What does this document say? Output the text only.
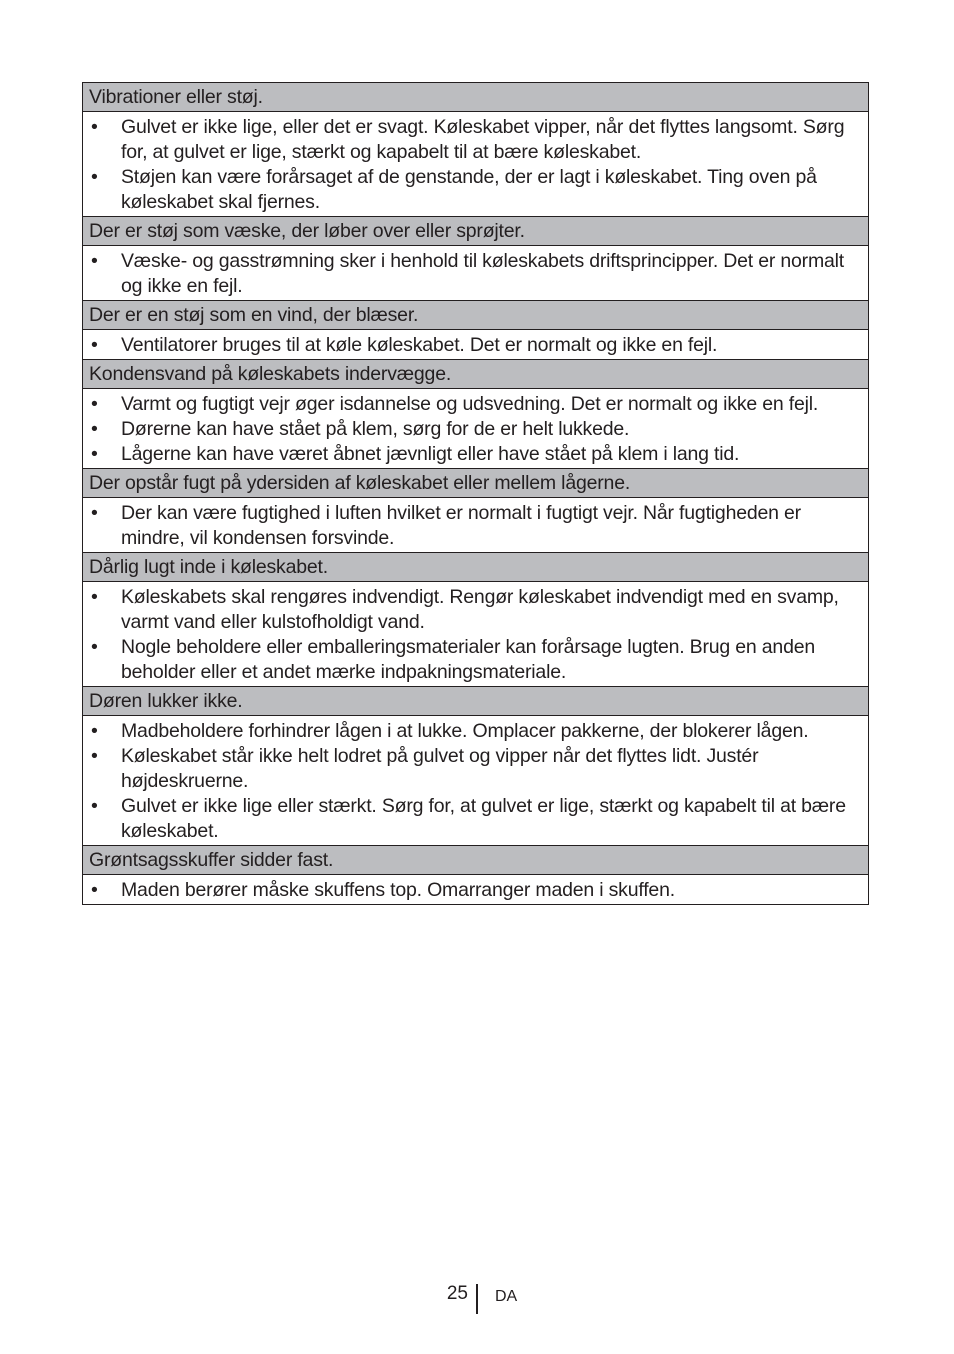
Vibrationer eller støj.
•	Gulvet er ikke lige, eller det er svagt. Køleskabet vipper, når det flyttes langsomt. Sørg for, at gulvet er lige, stærkt og kapabelt til at bære køleskabet.
•	Støjen kan være forårsaget af de genstande, der er lagt i køleskabet. Ting oven på køleskabet skal fjernes.
Der er støj som væske, der løber over eller sprøjter.
•	Væske- og gasstrømning sker i henhold til køleskabets driftsprincipper. Det er normalt og ikke en fejl.
Der er en støj som en vind, der blæser.
•	Ventilatorer bruges til at køle køleskabet. Det er normalt og ikke en fejl.
Kondensvand på køleskabets indervægge.
•	Varmt og fugtigt vejr øger isdannelse og udsvedning. Det er normalt og ikke en fejl.
•	Dørerne kan have stået på klem, sørg for de er helt lukkede.
•	Lågerne kan have været åbnet jævnligt eller have stået på klem i lang tid.
Der opstår fugt på ydersiden af køleskabet eller mellem lågerne.
•	Der kan være fugtighed i luften hvilket er normalt i fugtigt vejr. Når fugtigheden er mindre, vil kondensen forsvinde.
Dårlig lugt inde i køleskabet.
•	Køleskabets skal rengøres indvendigt. Rengør køleskabet indvendigt med en svamp, varmt vand eller kulstofholdigt vand.
•	Nogle beholdere eller emballeringsmaterialer kan forårsage lugten. Brug en anden beholder eller et andet mærke indpakningsmateriale.
Døren lukker ikke.
•	Madbeholdere forhindrer lågen i at lukke. Omplacer pakkerne, der blokerer lågen.
•	Køleskabet står ikke helt lodret på gulvet og vipper når det flyttes lidt. Justér højdeskruerne.
•	Gulvet er ikke lige eller stærkt. Sørg for, at gulvet er lige, stærkt og kapabelt til at bære køleskabet.
Grøntsagsskuffer sidder fast.
•	Maden berører måske skuffens top. Omarranger maden i skuffen.
25 DA
